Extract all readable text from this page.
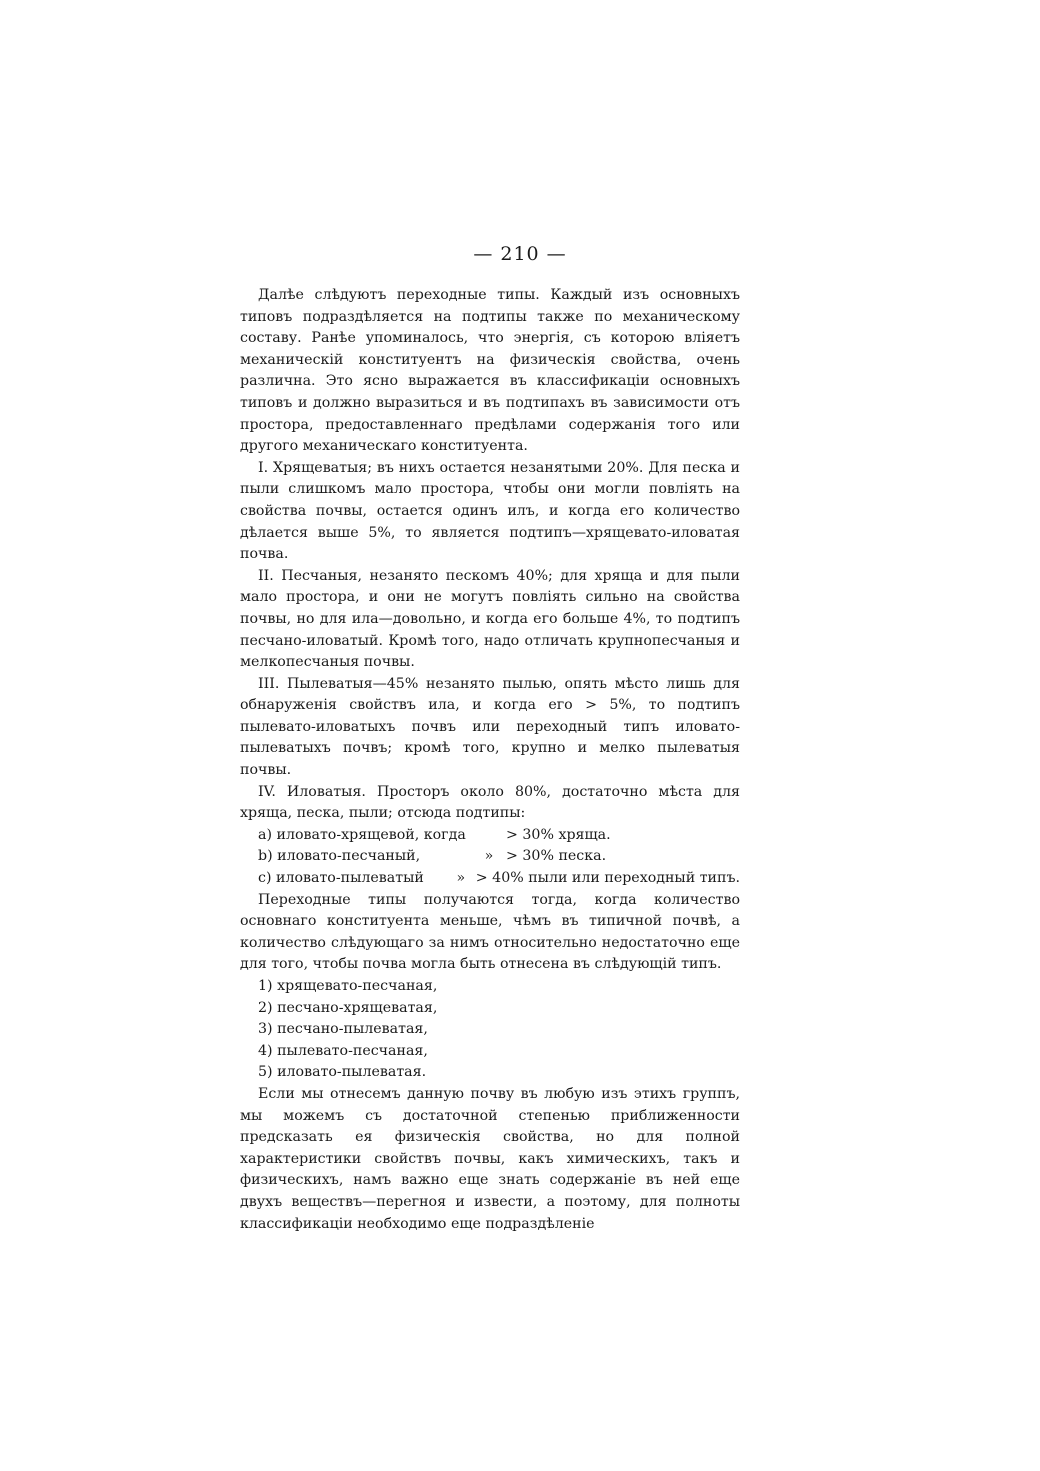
— 210 —

Далѣе слѣдуютъ переходные типы. Каждый изъ основныхъ типовъ подраздѣляется на подтипы также по механическому составу. Ранѣе упоминалось, что энергія, съ которою вліяетъ механическій конституентъ на физическія свойства, очень различна. Это ясно выражается въ классификаціи основныхъ типовъ и должно выразиться и въ подтипахъ въ зависимости отъ простора, предоставленнаго предѣлами содержанія того или другого механическаго конституента.

I. Хрящеватыя; въ нихъ остается незанятыми 20%. Для песка и пыли слишкомъ мало простора, чтобы они могли повліять на свойства почвы, остается одинъ илъ, и когда его количество дѣлается выше 5%, то является подтипъ—хрящевато-иловатая почва.

II. Песчаныя, незанято пескомъ 40%; для хряща и для пыли мало простора, и они не могутъ повліять сильно на свойства почвы, но для ила—довольно, и когда его больше 4%, то подтипъ песчано-иловатый. Кромѣ того, надо отличать крупнопесчаныя и мелкопесчаныя почвы.

III. Пылеватыя—45% незанято пылью, опять мѣсто лишь для обнаруженія свойствъ ила, и когда его > 5%, то подтипъ пылевато-иловатыхъ почвъ или переходный типъ иловато-пылеватыхъ почвъ; кромѣ того, крупно и мелко пылеватыя почвы.

IV. Иловатыя. Просторъ около 80%, достаточно мѣста для хряща, песка, пыли; отсюда подтипы:

a) иловато-хрящевой, когда	> 30% хряща.
b) иловато-песчаный,	» > 30% песка.
c) иловато-пылеватый	» > 40% пыли или переходный типъ.

Переходные типы получаются тогда, когда количество основнаго конституента меньше, чѣмъ въ типичной почвѣ, а количество слѣдующаго за нимъ относительно недостаточно еще для того, чтобы почва могла быть отнесена въ слѣдующій типъ.

1) хрящевато-песчаная,

2) песчано-хрящеватая,

3) песчано-пылеватая,

4) пылевато-песчаная,

5) иловато-пылеватая.

Если мы отнесемъ данную почву въ любую изъ этихъ группъ, мы можемъ съ достаточной степенью приближенности предсказать ея физическія свойства, но для полной характеристики свойствъ почвы, какъ химическихъ, такъ и физическихъ, намъ важно еще знать содержаніе въ ней еще двухъ веществъ—перегноя и извести, а поэтому, для полноты классификаціи необходимо еще подраздѣленіе
